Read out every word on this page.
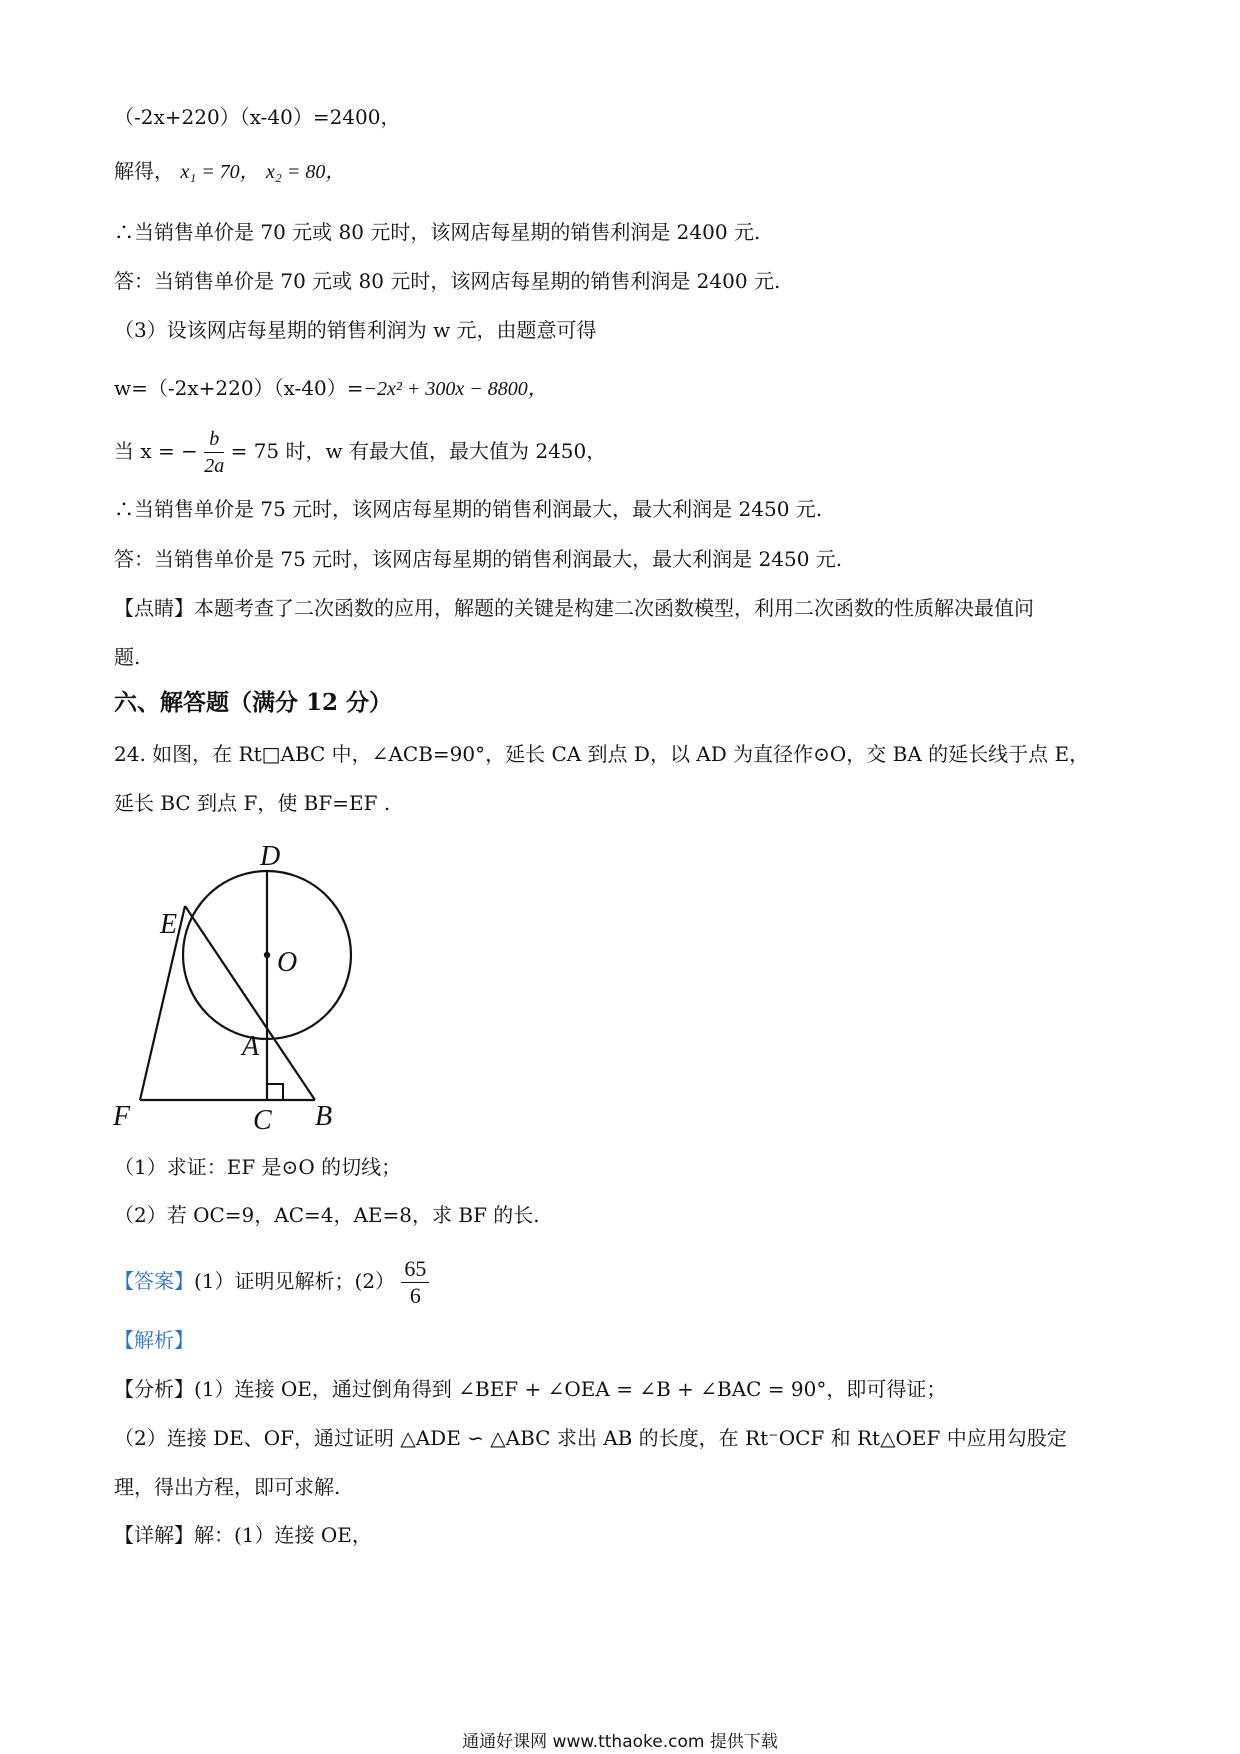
（-2x+220）（x-40）=2400，
解得， x₁ = 70， x₂ = 80，
∴当销售单价是 70 元或 80 元时，该网店每星期的销售利润是 2400 元.
答：当销售单价是 70 元或 80 元时，该网店每星期的销售利润是 2400 元.
（3）设该网店每星期的销售利润为 w 元，由题意可得
w=（-2x+220）（x-40）=−2x² + 300x − 8800，
当 x = − $\frac{b}{2a} = 75$ 时，w 有最大值，最大值为 2450，
∴当销售单价是 75 元时，该网店每星期的销售利润最大，最大利润是 2450 元.
答：当销售单价是 75 元时，该网店每星期的销售利润最大，最大利润是 2450 元.
【点睛】本题考查了二次函数的应用，解题的关键是构建二次函数模型，利用二次函数的性质解决最值问
题.
六、解答题（满分 12 分）
24. 如图，在 Rt□ABC 中，∠ACB=90°，延长 CA 到点 D，以 AD 为直径作⊙O，交 BA 的延长线于点 E，
延长 BC 到点 F，使 BF=EF .
D
E
O
A
F	C B
（1）求证：EF 是⊙O 的切线；
（2）若 OC=9，AC=4，AE=8，求 BF 的长.
【答案】(1）证明见解析；$(2) \frac{65}{6}$
【解析】
【分析】(1）连接 OE，通过倒角得到 ∠BEF + ∠OEA = ∠B + ∠BAC = 90°，即可得证；
（2）连接 DE、OF，通过证明 △ADE ∽ △ABC 求出 AB 的长度，在 Rt⁻OCF 和 Rt△OEF 中应用勾股定
理，得出方程，即可求解.
【详解】解：(1）连接 OE，
通通好课网 www.tthaoke.com 提供下载
